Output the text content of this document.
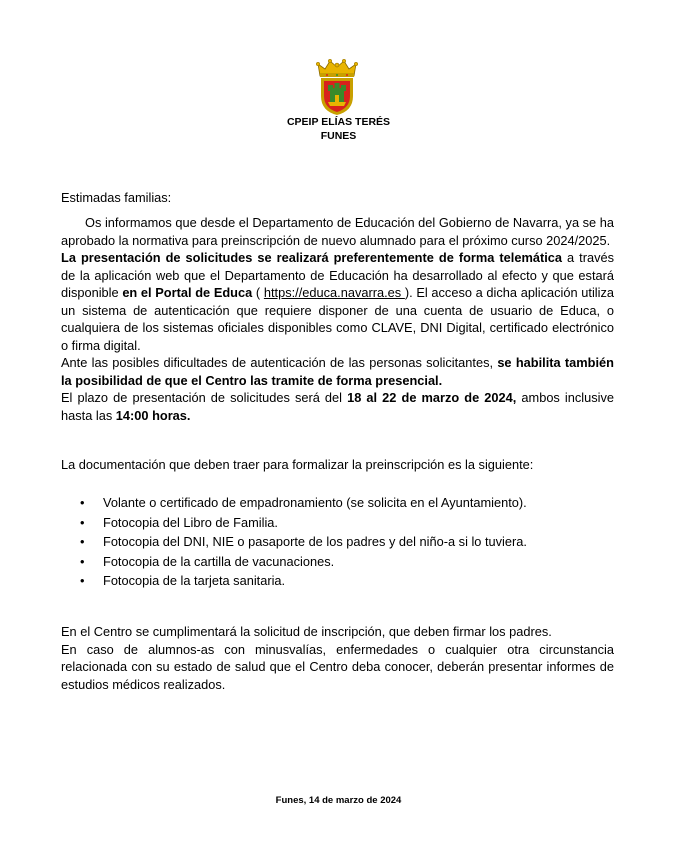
CPEIP ELÍAS TERÉS
FUNES
Estimadas familias:

Os informamos que desde el Departamento de Educación del Gobierno de Navarra, ya se ha aprobado la normativa para preinscripción de nuevo alumnado para el próximo curso 2024/2025.

La presentación de solicitudes se realizará preferentemente de forma telemática a través de la aplicación web que el Departamento de Educación ha desarrollado al efecto y que estará disponible en el Portal de Educa ( https://educa.navarra.es ). El acceso a dicha aplicación utiliza un sistema de autenticación que requiere disponer de una cuenta de usuario de Educa, o cualquiera de los sistemas oficiales disponibles como CLAVE, DNI Digital, certificado electrónico o firma digital.

Ante las posibles dificultades de autenticación de las personas solicitantes, se habilita también la posibilidad de que el Centro las tramite de forma presencial.

El plazo de presentación de solicitudes será del 18 al 22 de marzo de 2024, ambos inclusive hasta las 14:00 horas.

La documentación que deben traer para formalizar la preinscripción es la siguiente:
• Volante o certificado de empadronamiento (se solicita en el Ayuntamiento).
• Fotocopia del Libro de Familia.
• Fotocopia del DNI, NIE o pasaporte de los padres y del niño-a si lo tuviera.
• Fotocopia de la cartilla de vacunaciones.
• Fotocopia de la tarjeta sanitaria.

En el Centro se cumplimentará la solicitud de inscripción, que deben firmar los padres.

En caso de alumnos-as con minusvalías, enfermedades o cualquier otra circunstancia relacionada con su estado de salud que el Centro deba conocer, deberán presentar informes de estudios médicos realizados.

Funes, 14 de marzo de 2024
